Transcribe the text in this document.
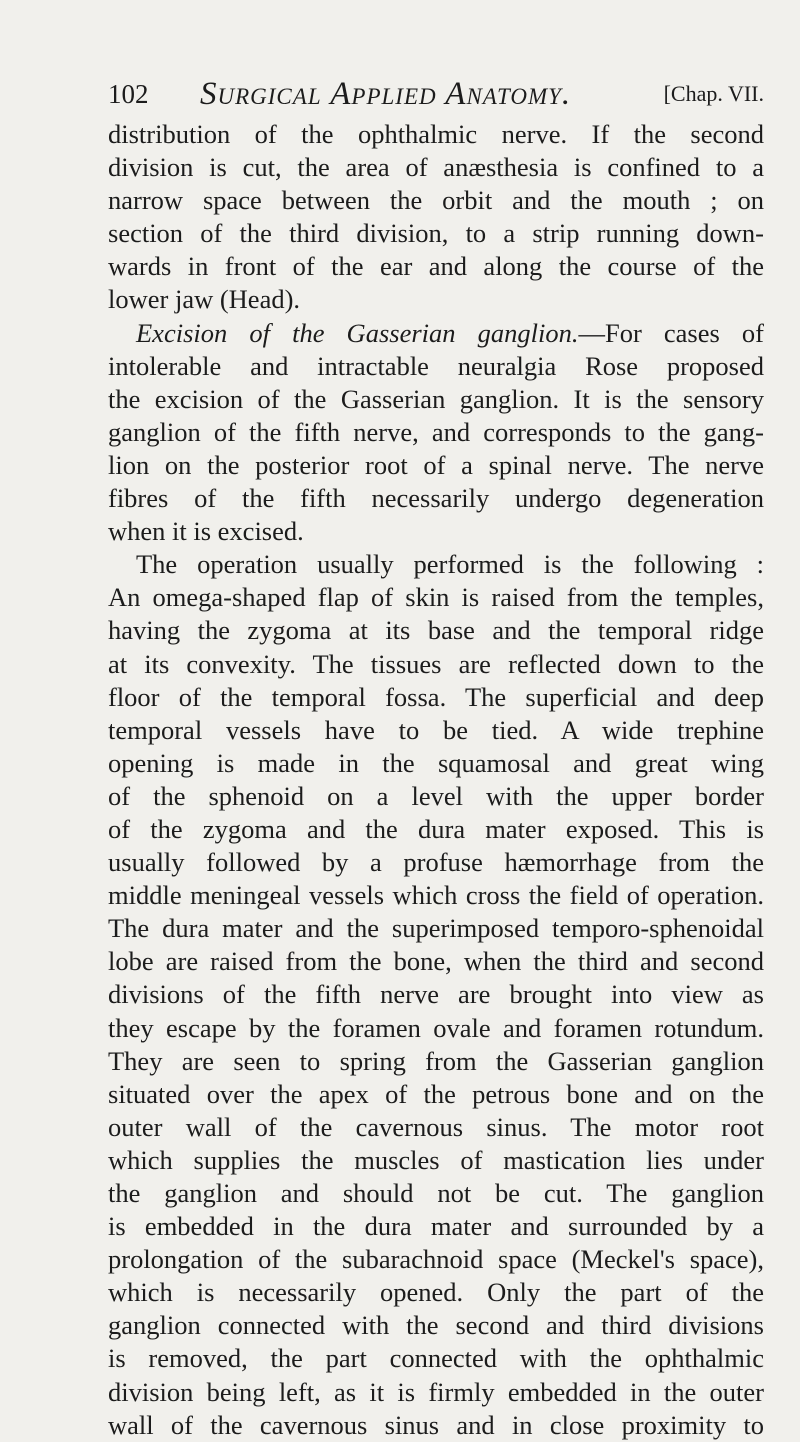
102 Surgical Applied Anatomy.	[Chap. VII.
distribution of the ophthalmic nerve. If the second
division is cut, the area of anæsthesia is confined to a
narrow space between the orbit and the mouth ; on
section of the third division, to a strip running down-
wards in front of the ear and along the course of the
lower jaw (Head).
Excision of the Gasserian ganglion.—For cases of
intolerable and intractable neuralgia Rose proposed
the excision of the Gasserian ganglion. It is the sensory
ganglion of the fifth nerve, and corresponds to the gang-
lion on the posterior root of a spinal nerve. The nerve
fibres of the fifth necessarily undergo degeneration
when it is excised.
The operation usually performed is the following :
An omega-shaped flap of skin is raised from the temples,
having the zygoma at its base and the temporal ridge
at its convexity. The tissues are reflected down to the
floor of the temporal fossa. The superficial and deep
temporal vessels have to be tied. A wide trephine
opening is made in the squamosal and great wing
of the sphenoid on a level with the upper border
of the zygoma and the dura mater exposed. This is
usually followed by a profuse hæmorrhage from the
middle meningeal vessels which cross the field of operation.
The dura mater and the superimposed temporo-sphenoidal
lobe are raised from the bone, when the third and second
divisions of the fifth nerve are brought into view as
they escape by the foramen ovale and foramen rotundum.
They are seen to spring from the Gasserian ganglion
situated over the apex of the petrous bone and on the
outer wall of the cavernous sinus. The motor root
which supplies the muscles of mastication lies under
the ganglion and should not be cut. The ganglion
is embedded in the dura mater and surrounded by a
prolongation of the subarachnoid space (Meckel's space),
which is necessarily opened. Only the part of the
ganglion connected with the second and third divisions
is removed, the part connected with the ophthalmic
division being left, as it is firmly embedded in the outer
wall of the cavernous sinus and in close proximity to
